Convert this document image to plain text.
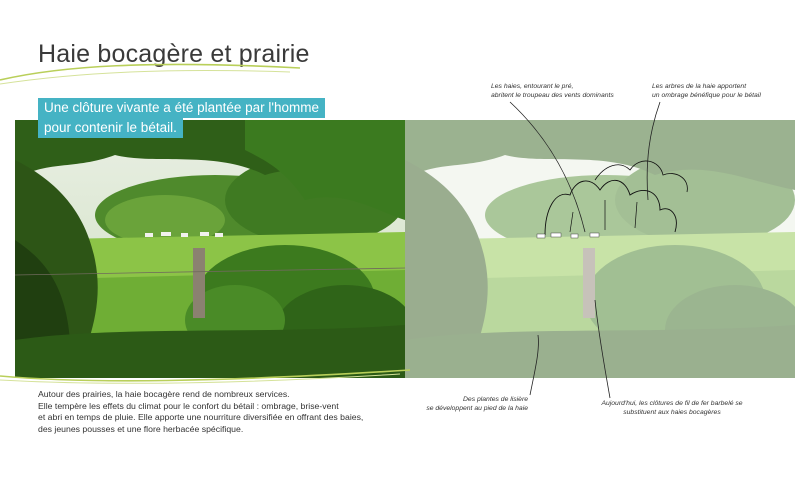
Haie bocagère et prairie
Une clôture vivante a été plantée par l'homme
pour contenir le bétail.
Les haies, entourant le pré,
abritent le troupeau des vents dominants
Les arbres de la haie apportent
un ombrage bénéfique pour le bétail
Des plantes de lisière
se développent au pied de la haie
Aujourd'hui, les clôtures de fil de fer barbelé se
substituent aux haies bocagères
Autour des prairies, la haie bocagère rend de nombreux services.
Elle tempère les effets du climat pour le confort du bétail : ombrage, brise-vent
et abri en temps de pluie. Elle apporte une nourriture diversifiée en offrant des baies,
des jeunes pousses et une flore herbacée spécifique.
